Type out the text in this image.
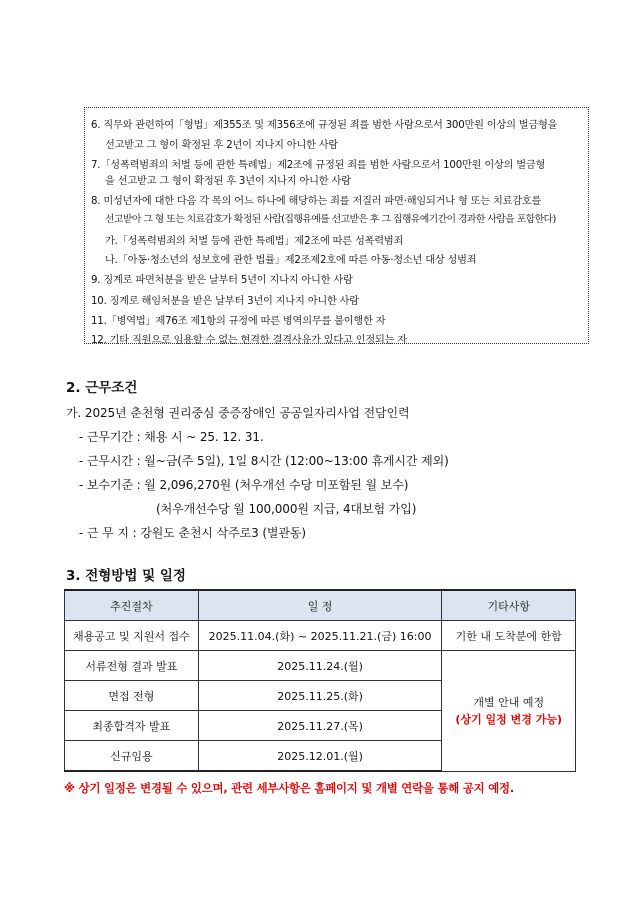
6. 직무와 관련하여「형법」제355조 및 제356조에 규정된 죄를 범한 사람으로서 300만원 이상의 벌금형을
선고받고 그 형이 확정된 후 2년이 지나지 아니한 사람
7.「성폭력범죄의 처벌 등에 관한 특례법」제2조에 규정된 죄를 범한 사람으로서 100만원 이상의 벌금형
을 선고받고 그 형이 확정된 후 3년이 지나지 아니한 사람
8. 미성년자에 대한 다음 각 목의 어느 하나에 해당하는 죄를 저질러 파면·해임되거나 형 또는 치료감호를
선고받아 그 형 또는 치료감호가 확정된 사람(집행유예를 선고받은 후 그 집행유예기간이 경과한 사람을 포함한다)
가.「성폭력범죄의 처벌 등에 관한 특례법」제2조에 따른 성폭력범죄
나.「아동·청소년의 성보호에 관한 법률」제2조제2호에 따른 아동·청소년 대상 성범죄
9. 징계로 파면처분을 받은 날부터 5년이 지나지 아니한 사람
10. 징계로 해임처분을 받은 날부터 3년이 지나지 아니한 사람
11.「병역법」제76조 제1항의 규정에 따른 병역의무를 불이행한 자
12. 기타 직원으로 임용할 수 없는 현격한 결격사유가 있다고 인정되는 자
2. 근무조건
가. 2025년 춘천형 권리중심 중증장애인 공공일자리사업 전담인력
- 근무기간 : 채용 시 ~ 25. 12. 31.
- 근무시간 : 월~금(주 5일), 1일 8시간 (12:00~13:00 휴게시간 제외)
- 보수기준 : 월 2,096,270원 (처우개선 수당 미포함된 월 보수)
(처우개선수당 월 100,000원 지급, 4대보험 가입)
- 근 무 지 : 강원도 춘천시 삭주로3 (별관동)
3. 전형방법 및 일정
추진절차	일 정	기타사항
채용공고 및 지원서 접수	2025.11.04.(화) ~ 2025.11.21.(금) 16:00	기한 내 도착분에 한함
서류전형 결과 발표	2025.11.24.(월)	개별 안내 예정
(상기 일정 변경 가능)

면접 전형	2025.11.25.(화)	
최종합격자 발표	2025.11.27.(목)	
신규임용	2025.12.01.(월)	
※ 상기 일정은 변경될 수 있으며, 관련 세부사항은 홈페이지 및 개별 연락을 통해 공지 예정.
